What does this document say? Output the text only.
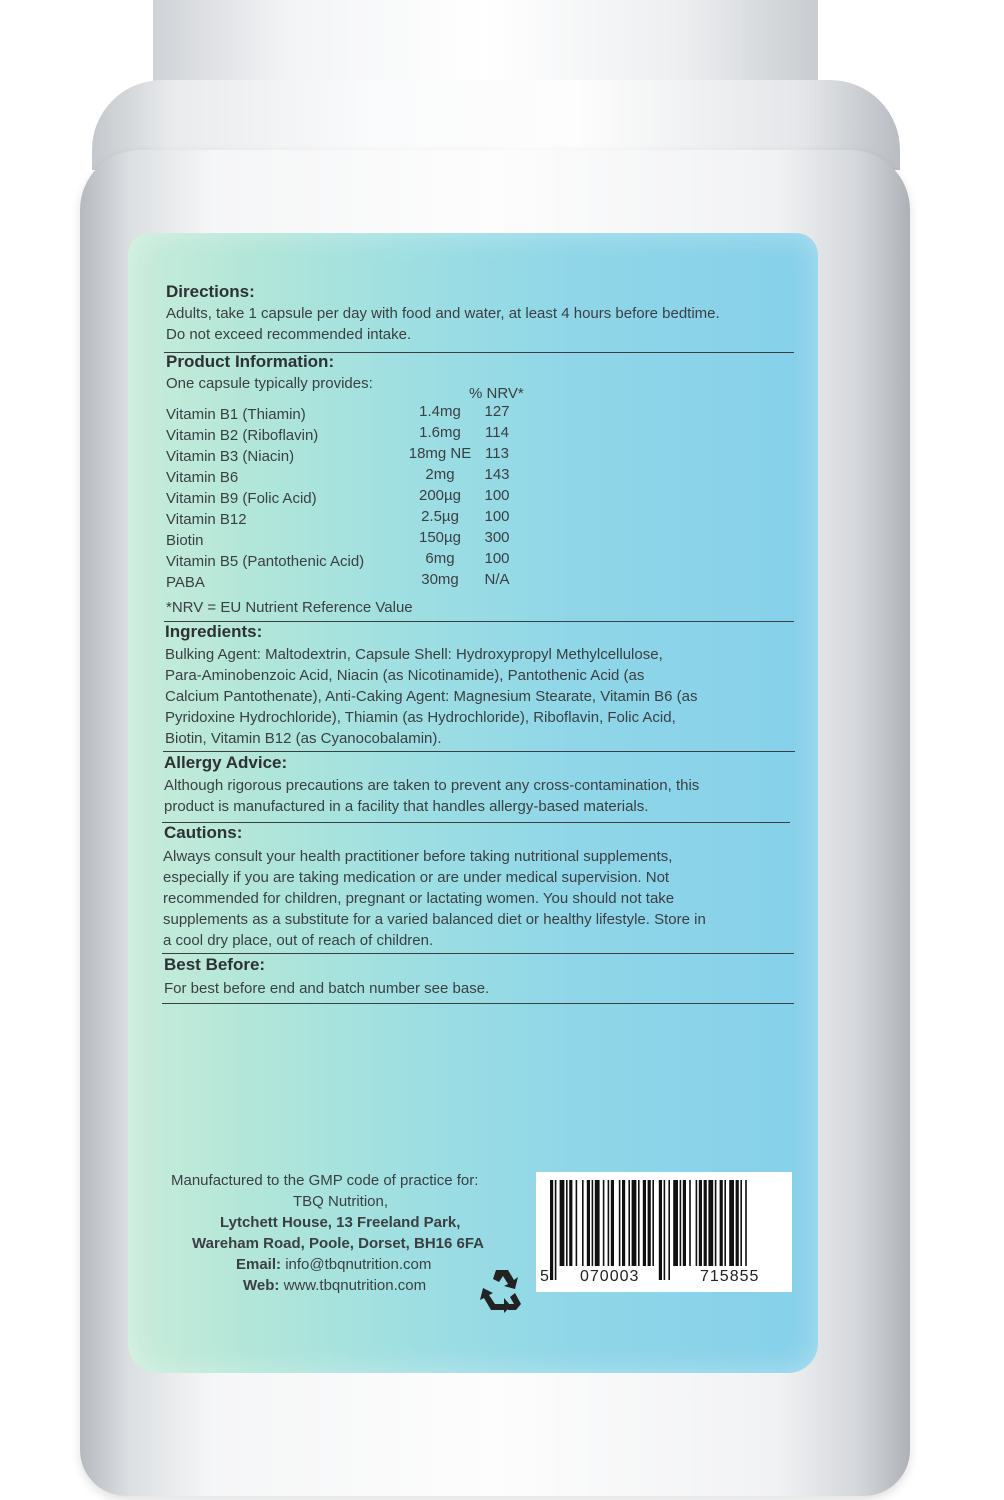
Directions:
Adults, take 1 capsule per day with food and water, at least 4 hours before bedtime.
Do not exceed recommended intake.
Product Information:
One capsule typically provides:
% NRV*
Vitamin B1 (Thiamin)	1.4mg	127
Vitamin B2 (Riboflavin)	1.6mg	114
Vitamin B3 (Niacin)	18mg NE 113
Vitamin B6	2mg	143
Vitamin B9 (Folic Acid)	200µg	100
Vitamin B12	2.5µg	100
Biotin	150µg	300
Vitamin B5 (Pantothenic Acid)	6mg	100
PABA	30mg	N/A
*NRV = EU Nutrient Reference Value
Ingredients:
Bulking Agent: Maltodextrin, Capsule Shell: Hydroxypropyl Methylcellulose,
Para-Aminobenzoic Acid, Niacin (as Nicotinamide), Pantothenic Acid (as
Calcium Pantothenate), Anti-Caking Agent: Magnesium Stearate, Vitamin B6 (as
Pyridoxine Hydrochloride), Thiamin (as Hydrochloride), Riboflavin, Folic Acid,
Biotin, Vitamin B12 (as Cyanocobalamin).
Allergy Advice:
Although rigorous precautions are taken to prevent any cross-contamination, this
product is manufactured in a facility that handles allergy-based materials.
Cautions:
Always consult your health practitioner before taking nutritional supplements,
especially if you are taking medication or are under medical supervision. Not
recommended for children, pregnant or lactating women. You should not take
supplements as a substitute for a varied balanced diet or healthy lifestyle. Store in
a cool dry place, out of reach of children.
Best Before:
For best before end and batch number see base.
Manufactured to the GMP code of practice for:
TBQ Nutrition,
Lytchett House, 13 Freeland Park,
Wareham Road, Poole, Dorset, BH16 6FA
Email: info@tbqnutrition.com
Web: www.tbqnutrition.com
5 070003	715855
